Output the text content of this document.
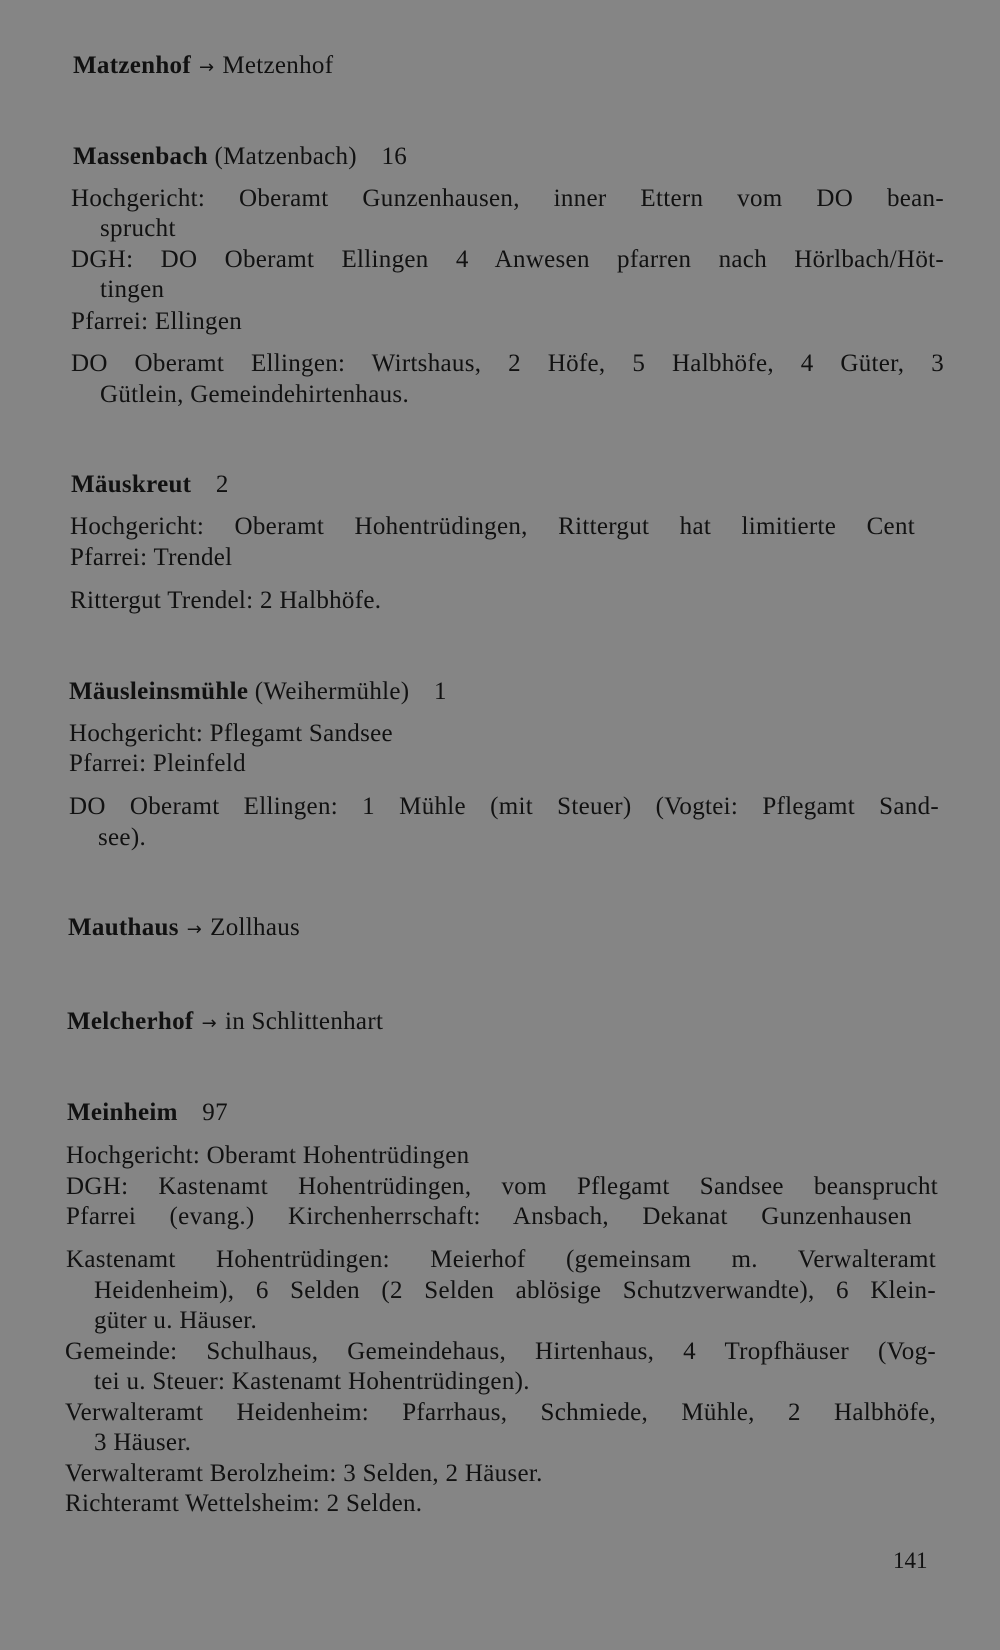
Matzenhof → Metzenhof
Massenbach (Matzenbach) 16
Hochgericht: Oberamt Gunzenhausen, inner Ettern vom DO bean-
sprucht
DGH: DO Oberamt Ellingen 4 Anwesen pfarren nach Hörlbach/Höt-
tingen
Pfarrei: Ellingen
DO Oberamt Ellingen: Wirtshaus, 2 Höfe, 5 Halbhöfe, 4 Güter, 3
Gütlein, Gemeindehirtenhaus.
Mäuskreut 2
Hochgericht: Oberamt Hohentrüdingen, Rittergut hat limitierte Cent
Pfarrei: Trendel
Rittergut Trendel: 2 Halbhöfe.
Mäusleinsmühle (Weihermühle) 1
Hochgericht: Pflegamt Sandsee
Pfarrei: Pleinfeld
DO Oberamt Ellingen: 1 Mühle (mit Steuer) (Vogtei: Pflegamt Sand-
see).
Mauthaus → Zollhaus
Melcherhof → in Schlittenhart
Meinheim 97
Hochgericht: Oberamt Hohentrüdingen
DGH: Kastenamt Hohentrüdingen, vom Pflegamt Sandsee beansprucht
Pfarrei (evang.) Kirchenherrschaft: Ansbach, Dekanat Gunzenhausen
Kastenamt Hohentrüdingen: Meierhof (gemeinsam m. Verwalteramt
Heidenheim), 6 Selden (2 Selden ablösige Schutzverwandte), 6 Klein-
güter u. Häuser.
Gemeinde: Schulhaus, Gemeindehaus, Hirtenhaus, 4 Tropfhäuser (Vog-
tei u. Steuer: Kastenamt Hohentrüdingen).
Verwalteramt Heidenheim: Pfarrhaus, Schmiede, Mühle, 2 Halbhöfe,
3 Häuser.
Verwalteramt Berolzheim: 3 Selden, 2 Häuser.
Richteramt Wettelsheim: 2 Selden.
141
